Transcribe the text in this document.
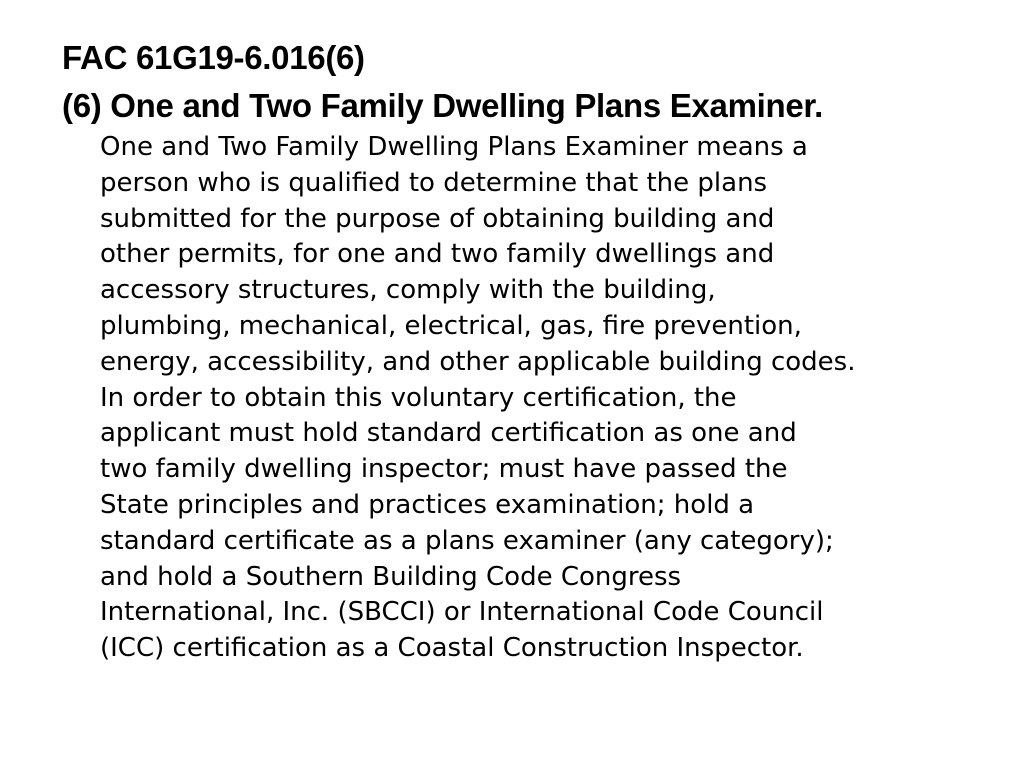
FAC 61G19-6.016(6)
(6) One and Two Family Dwelling Plans Examiner.
One and Two Family Dwelling Plans Examiner means a
person who is qualified to determine that the plans
submitted for the purpose of obtaining building and
other permits, for one and two family dwellings and
accessory structures, comply with the building,
plumbing, mechanical, electrical, gas, fire prevention,
energy, accessibility, and other applicable building codes.
In order to obtain this voluntary certification, the
applicant must hold standard certification as one and
two family dwelling inspector; must have passed the
State principles and practices examination; hold a
standard certificate as a plans examiner (any category);
and hold a Southern Building Code Congress
International, Inc. (SBCCI) or International Code Council
(ICC) certification as a Coastal Construction Inspector.
